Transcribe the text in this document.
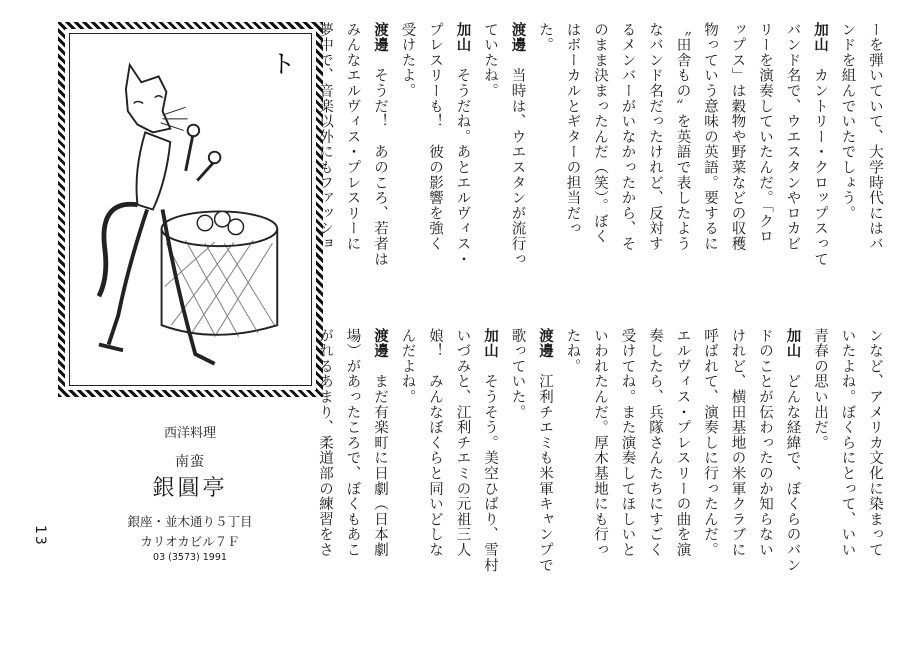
13
ト

西洋料理

南蛮

銀圓亭

銀座・並木通り５丁目

カリオカビル７Ｆ

03 (3573) 1991

ーを弾いていて、大学時代にはバ
ンドを組んでいたでしょう。
加山　カントリー・クロップスって
バンド名で、ウエスタンやロカビ
リーを演奏していたんだ。「クロ
ップス」は穀物や野菜などの収穫
物っていう意味の英語。要するに
〝田舎もの〟を英語で表したよう
なバンド名だったけれど、反対す
るメンバーがいなかったから、そ
のまま決まったんだ（笑）。ぼく
はボーカルとギターの担当だっ
た。
渡邊　当時は、ウエスタンが流行っ
ていたね。
加山　そうだね。あとエルヴィス・
プレスリーも！　彼の影響を強く
受けたよ。
渡邊　そうだ！　あのころ、若者は
みんなエルヴィス・プレスリーに
夢中で、音楽以外にもファッショ
ンなど、アメリカ文化に染まって
いたよね。ぼくらにとって、いい
青春の思い出だ。
加山　どんな経緯で、ぼくらのバン
ドのことが伝わったのか知らない
けれど、横田基地の米軍クラブに
呼ばれて、演奏しに行ったんだ。
エルヴィス・プレスリーの曲を演
奏したら、兵隊さんたちにすごく
受けてね。また演奏してほしいと
いわれたんだ。厚木基地にも行っ
たね。
渡邊　江利チエミも米軍キャンプで
歌っていた。
加山　そうそう。美空ひばり、雪村
いづみと、江利チエミの元祖三人
娘！　みんなぼくらと同いどしな
んだよね。
渡邊　まだ有楽町に日劇（日本劇
場）があったころで、ぼくもあこ
がれるあまり、柔道部の練習をさ
